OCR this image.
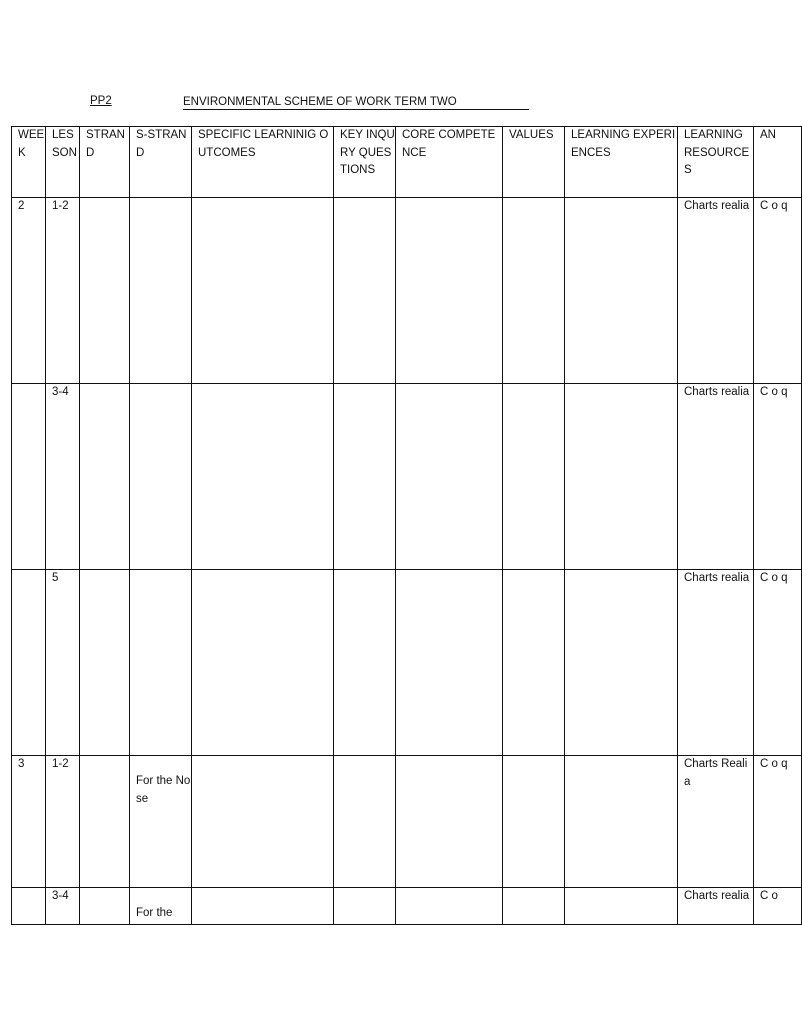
PP2	ENVIRONMENTAL SCHEME OF WORK TERM TWO
WEEK	LESSON	STRAND	S-STRAND	SPECIFIC LEARNINIG OUTCOMES	KEY INQURY QUESTIONS	CORE COMPETENCE	VALUES	LEARNING EXPERIENCES	LEARNING RESOURCES	AN
2	1-2								Charts realia	C o q
	3-4								Charts realia	C o q
	5								Charts realia	C o q
3	1-2		For the Nose						Charts Realia	C o q
	3-4		For the						Charts realia	C o
